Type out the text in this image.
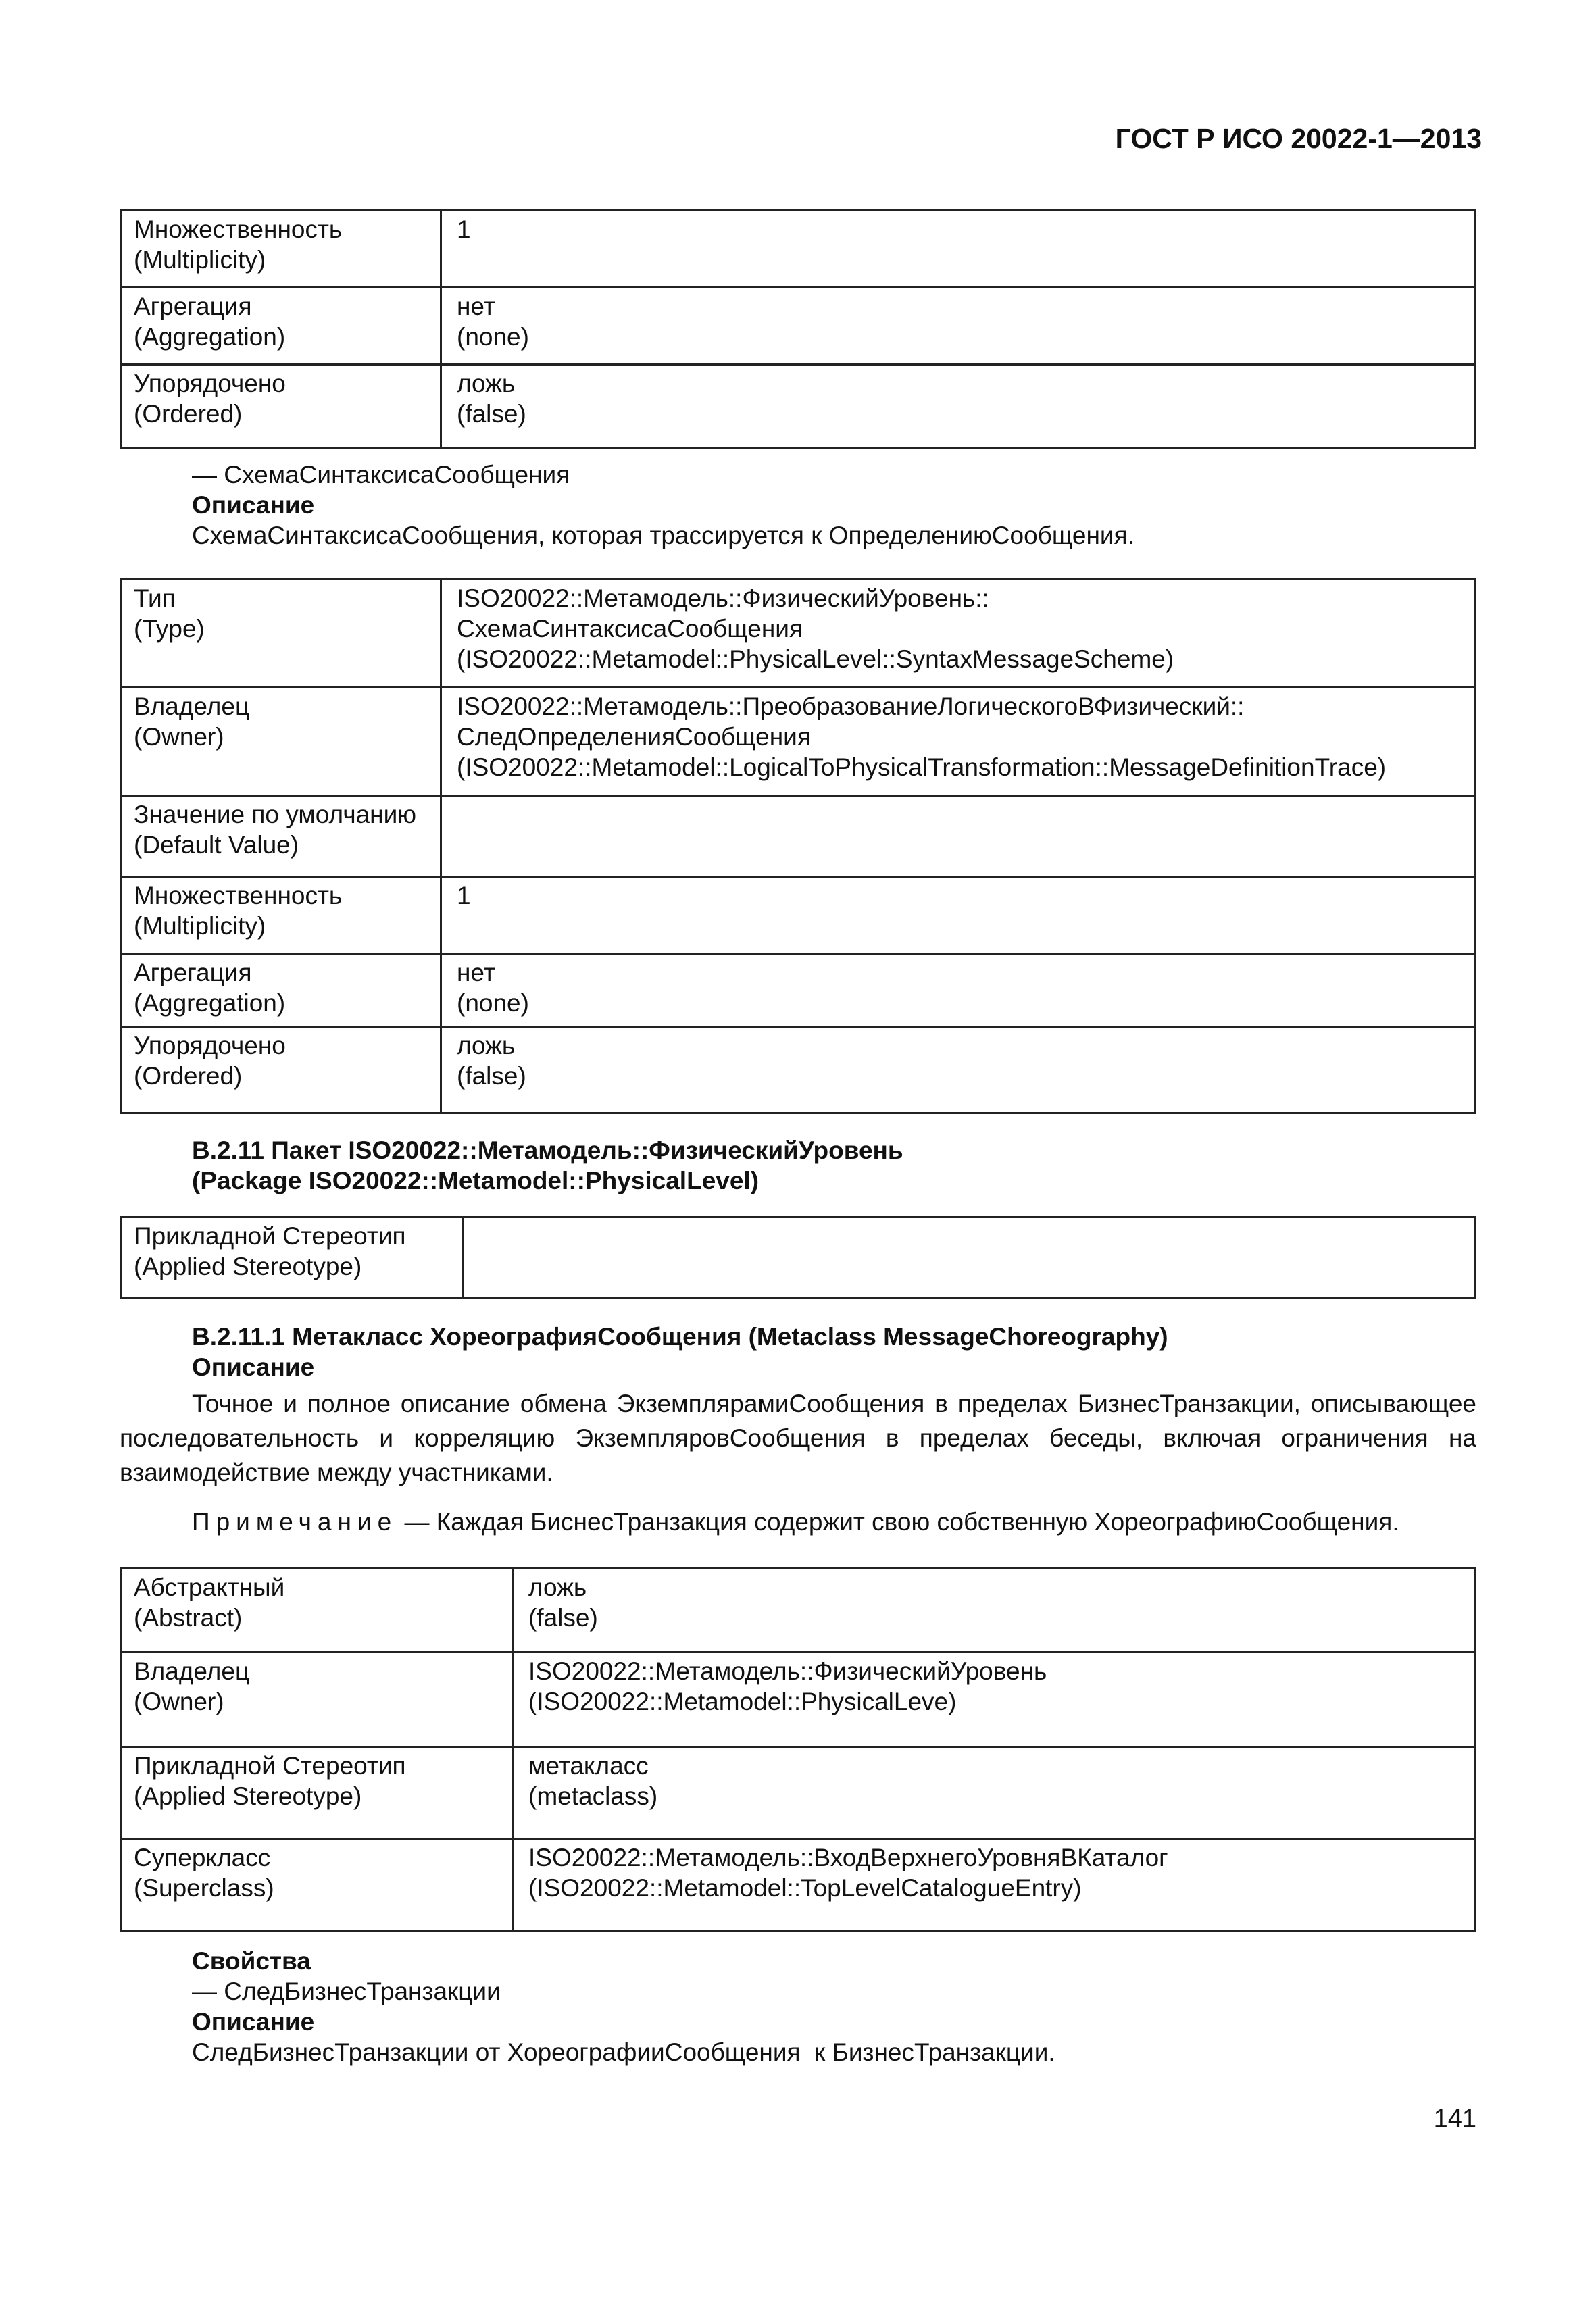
ГОСТ Р ИСО 20022-1—2013
Множественность
(Multiplicity)	1

Агрегация
(Aggregation)	нет
(none)

Упорядочено
(Ordered)	ложь
(false)
— СхемаСинтаксисаСообщения
Описание
СхемаСинтаксисаСообщения, которая трассируется к ОпределениюСообщения.
Тип
(Type)	ISO20022::Метамодель::ФизическийУровень::
СхемаСинтаксисаСообщения
(ISO20022::Metamodel::PhysicalLevel::SyntaxMessageScheme)

Владелец
(Owner)	ISO20022::Метамодель::ПреобразованиеЛогическогоВФизический::
СледОпределенияСообщения
(ISO20022::Metamodel::LogicalToPhysicalTransformation::MessageDefinitionTrace)

Значение по умолчанию
(Default Value)	

Множественность
(Multiplicity)	1

Агрегация
(Aggregation)	нет
(none)

Упорядочено
(Ordered)	ложь
(false)
В.2.11 Пакет ISO20022::Метамодель::ФизическийУровень
(Package ISO20022::Metamodel::PhysicalLevel)
Прикладной Стереотип
(Applied Stereotype)

В.2.11.1 Метакласс ХореографияСообщения (Metaclass MessageChoreography)
Описание
Точное и полное описание обмена ЭкземплярамиСообщения в пределах БизнесТранзакции, описывающее последовательность и корреляцию ЭкземпляровСообщения в пределах беседы, включая ограничения на взаимодействие между участниками.
Примечание — Каждая БиснесТранзакция содержит свою собственную ХореографиюСообщения.
Абстрактный
(Abstract)	ложь
(false)

Владелец
(Owner)	ISO20022::Метамодель::ФизическийУровень
(ISO20022::Metamodel::PhysicalLeve)

Прикладной Стереотип
(Applied Stereotype)	метакласс
(metaclass)

Суперкласс
(Superclass)	ISO20022::Метамодель::ВходВерхнегоУровняВКаталог
(ISO20022::Metamodel::TopLevelCatalogueEntry)
Свойства
— СледБизнесТранзакции
Описание
СледБизнесТранзакции от ХореографииСообщения  к БизнесТранзакции.
141
